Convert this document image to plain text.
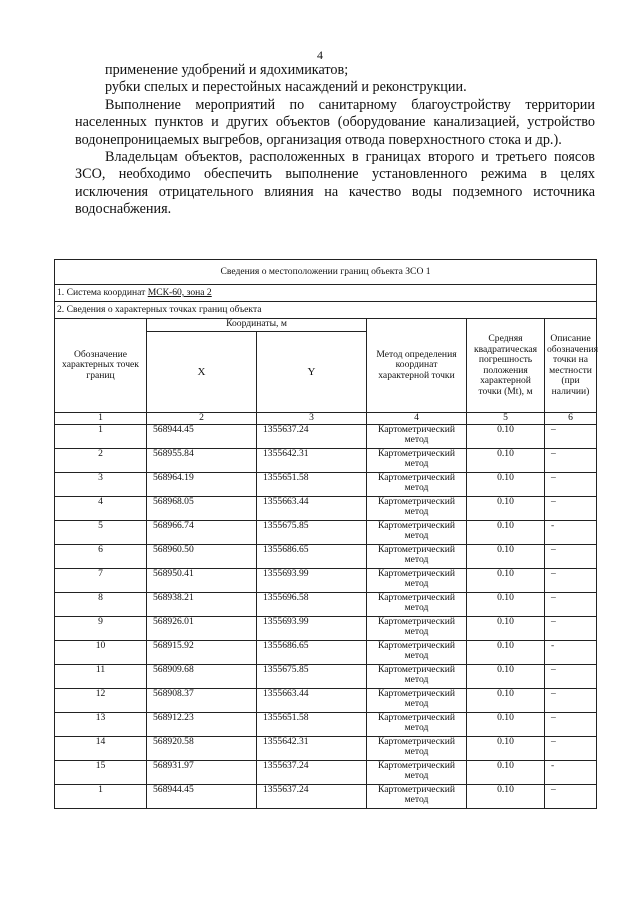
4

применение удобрений и ядохимикатов;

рубки спелых и перестойных насаждений и реконструкции.

Выполнение мероприятий по санитарному благоустройству территории населенных пунктов и других объектов (оборудование канализацией, устройство водонепроницаемых выгребов, организация отвода поверхностного стока и др.).

Владельцам объектов, расположенных в границах второго и третьего поясов ЗСО, необходимо обеспечить выполнение установленного режима в целях исключения отрицательного влияния на качество воды подземного источника водоснабжения.

Сведения о местоположении границ объекта ЗСО 1					
1. Система координат МСК-60, зона 2					
2. Сведения о характерных точках границ объекта					
Обозначение характерных точек границ	Координаты, м		Метод определения координат характерной точки	Средняя квадратическая погрешность положения характерной точки (Mt), м	Описание обозначения точки на местности (при наличии)
	X	Y			
1	2	3	4	5	6
1	568944.45	1355637.24	Картометрический метод	0.10	–
2	568955.84	1355642.31	Картометрический метод	0.10	–
3	568964.19	1355651.58	Картометрический метод	0.10	–
4	568968.05	1355663.44	Картометрический метод	0.10	–
5	568966.74	1355675.85	Картометрический метод	0.10	-
6	568960.50	1355686.65	Картометрический метод	0.10	–
7	568950.41	1355693.99	Картометрический метод	0.10	–
8	568938.21	1355696.58	Картометрический метод	0.10	–
9	568926.01	1355693.99	Картометрический метод	0.10	–
10	568915.92	1355686.65	Картометрический метод	0.10	-
11	568909.68	1355675.85	Картометрический метод	0.10	–
12	568908.37	1355663.44	Картометрический метод	0.10	–
13	568912.23	1355651.58	Картометрический метод	0.10	–
14	568920.58	1355642.31	Картометрический метод	0.10	–
15	568931.97	1355637.24	Картометрический метод	0.10	-
1	568944.45	1355637.24	Картометрический метод	0.10	–
